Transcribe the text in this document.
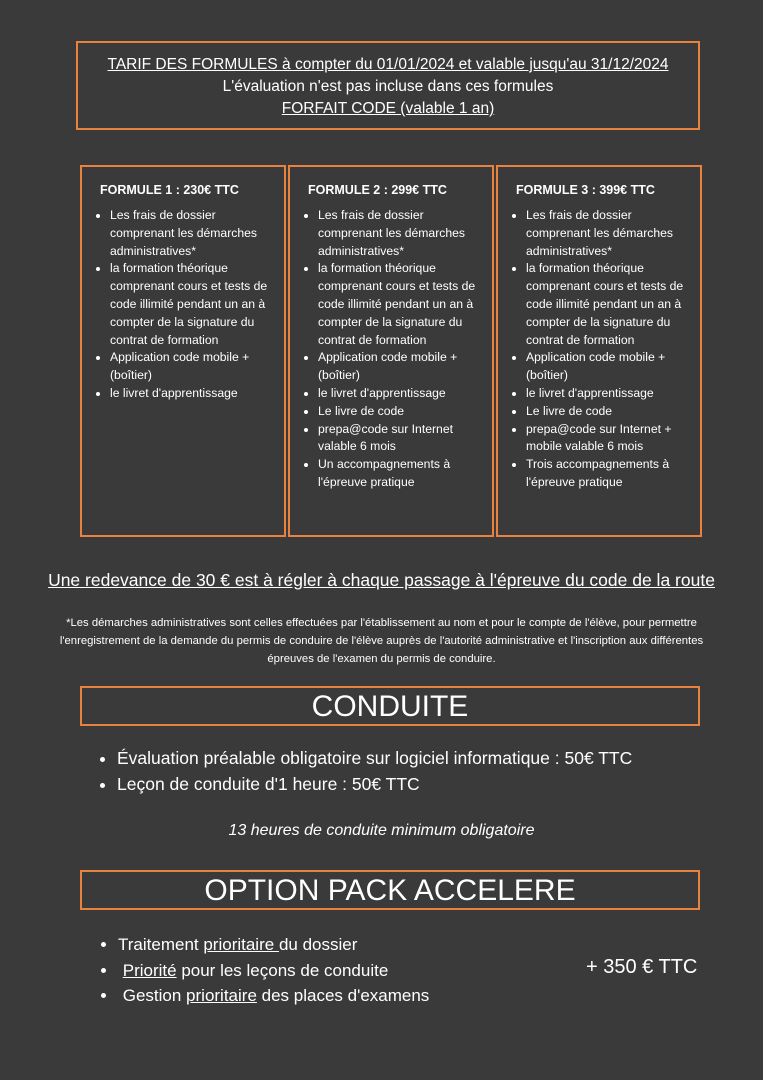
TARIF DES FORMULES à compter du 01/01/2024 et valable jusqu'au 31/12/2024
L'évaluation n'est pas incluse dans ces formules
FORFAIT CODE (valable 1 an)
FORMULE 1 : 230€ TTC
• Les frais de dossier comprenant les démarches administratives*
• la formation théorique comprenant cours et tests de code illimité pendant un an à compter de la signature du contrat de formation
• Application code mobile + (boîtier)
• le livret d'apprentissage
FORMULE 2 : 299€ TTC
• Les frais de dossier comprenant les démarches administratives*
• la formation théorique comprenant cours et tests de code illimité pendant un an à compter de la signature du contrat de formation
• Application code mobile + (boîtier)
• le livret d'apprentissage
• Le livre de code
• prepa@code sur Internet valable 6 mois
• Un accompagnements à l'épreuve pratique
FORMULE 3 : 399€ TTC
• Les frais de dossier comprenant les démarches administratives*
• la formation théorique comprenant cours et tests de code illimité pendant un an à compter de la signature du contrat de formation
• Application code mobile + (boîtier)
• le livret d'apprentissage
• Le livre de code
• prepa@code sur Internet + mobile valable 6 mois
• Trois accompagnements à l'épreuve pratique
Une redevance de 30 € est à régler à chaque passage à l'épreuve du code de la route
*Les démarches administratives sont celles effectuées par l'établissement au nom et pour le compte de l'élève, pour permettre l'enregistrement de la demande du permis de conduire de l'élève auprès de l'autorité administrative et l'inscription aux différentes épreuves de l'examen du permis de conduire.
CONDUITE
• Évaluation préalable obligatoire sur logiciel informatique : 50€ TTC
• Leçon de conduite d'1 heure : 50€ TTC
13 heures de conduite minimum obligatoire
OPTION PACK ACCELERE
• Traitement prioritaire du dossier
• Priorité pour les leçons de conduite
• Gestion prioritaire des places d'examens
+ 350 € TTC
